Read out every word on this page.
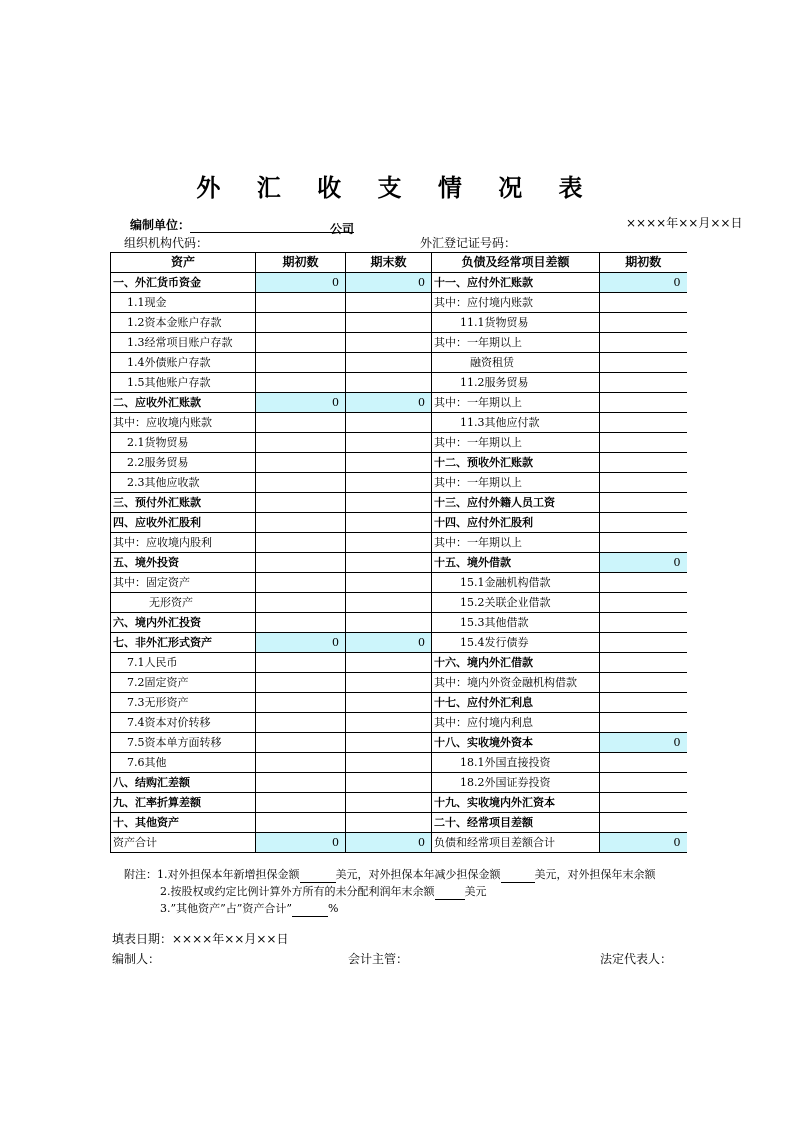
外 汇 收 支 情 况 表
编制单位：	公司	××××年××月××日
组织机构代码：	外汇登记证号码：
资产	期初数	期末数	负债及经常项目差额	期初数
一、外汇货币资金	0	0	十一、应付外汇账款	0
1.1现金			其中：应付境内账款	
1.2资本金账户存款			11.1货物贸易	
1.3经常项目账户存款			其中：一年期以上	
1.4外债账户存款			融资租赁	
1.5其他账户存款			11.2服务贸易	
二、应收外汇账款	0	0	其中：一年期以上	
其中：应收境内账款			11.3其他应付款	
2.1货物贸易			其中：一年期以上	
2.2服务贸易			十二、预收外汇账款	
2.3其他应收款			其中：一年期以上	
三、预付外汇账款			十三、应付外籍人员工资	
四、应收外汇股利			十四、应付外汇股利	
其中：应收境内股利			其中：一年期以上	
五、境外投资			十五、境外借款	0
其中：固定资产			15.1金融机构借款	
无形资产			15.2关联企业借款	
六、境内外汇投资			15.3其他借款	
七、非外汇形式资产	0	0	15.4发行债券	
7.1人民币			十六、境内外汇借款	
7.2固定资产			其中：境内外资金融机构借款	
7.3无形资产			十七、应付外汇利息	
7.4资本对价转移			其中：应付境内利息	
7.5资本单方面转移			十八、实收境外资本	0
7.6其他			18.1外国直接投资	
八、结购汇差额			18.2外国证券投资	
九、汇率折算差额			十九、实收境内外汇资本	
十、其他资产			二十、经常项目差额	
资产合计	0	0	负债和经常项目差额合计	0
附注：1.对外担保本年新增担保金额	美元，对外担保本年减少担保金额	美元，对外担保年末余额
2.按股权或约定比例计算外方所有的未分配利润年末余额	美元
3.”其他资产”占”资产合计”	%
填表日期：××××年××月××日
编制人：	会计主管：	法定代表人：
